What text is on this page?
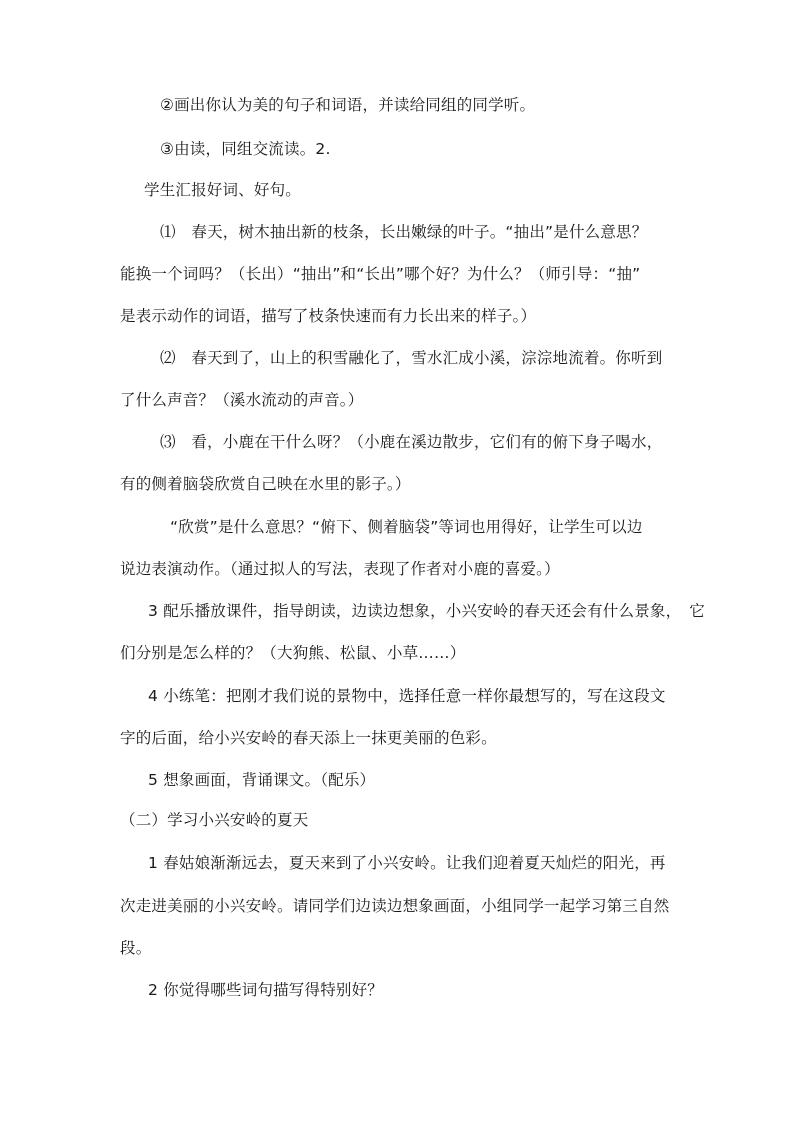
②画出你认为美的句子和词语，并读给同组的同学听。
③由读，同组交流读。2.
学生汇报好词、好句。
⑴　春天，树木抽出新的枝条，长出嫩绿的叶子。“抽出”是什么意思？
能换一个词吗？（长出）“抽出”和“长出”哪个好？为什么？（师引导：“抽”
是表示动作的词语，描写了枝条快速而有力长出来的样子。）
⑵　春天到了，山上的积雪融化了，雪水汇成小溪，淙淙地流着。你听到
了什么声音？（溪水流动的声音。）
⑶　看，小鹿在干什么呀？（小鹿在溪边散步，它们有的俯下身子喝水，
有的侧着脑袋欣赏自己映在水里的影子。）
“欣赏”是什么意思？“俯下、侧着脑袋”等词也用得好，让学生可以边
说边表演动作。（通过拟人的写法，表现了作者对小鹿的喜爱。）
3 配乐播放课件，指导朗读，边读边想象，小兴安岭的春天还会有什么景象，　它
们分别是怎么样的？（大狗熊、松鼠、小草……）
4 小练笔：把刚才我们说的景物中，选择任意一样你最想写的，写在这段文
字的后面，给小兴安岭的春天添上一抹更美丽的色彩。
5 想象画面，背诵课文。（配乐）
（二）学习小兴安岭的夏天
1 春姑娘渐渐远去，夏天来到了小兴安岭。让我们迎着夏天灿烂的阳光，再
次走进美丽的小兴安岭。请同学们边读边想象画面，小组同学一起学习第三自然
段。
2 你觉得哪些词句描写得特别好？
